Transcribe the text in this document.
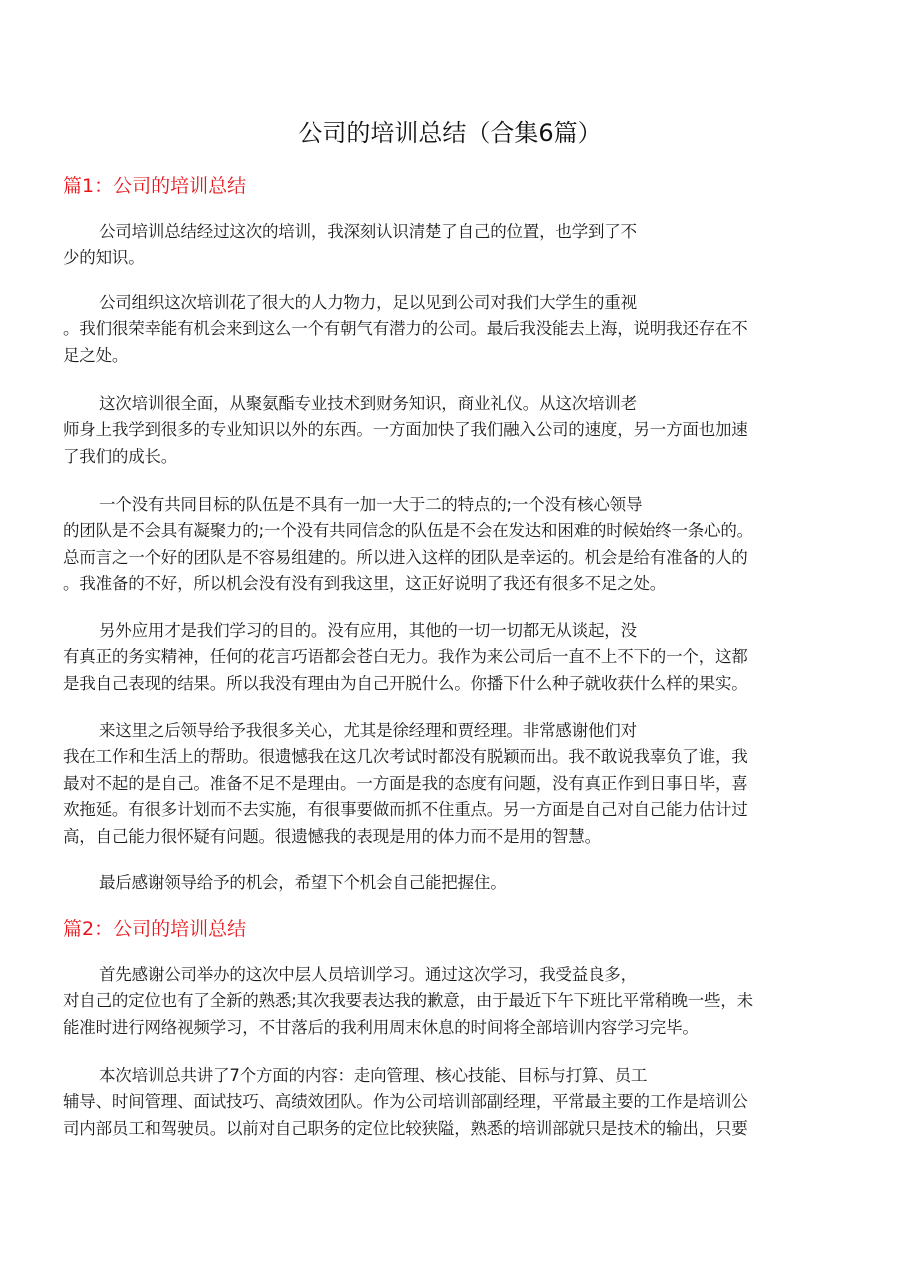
公司的培训总结（合集6篇）
篇1：公司的培训总结
公司培训总结经过这次的培训，我深刻认识清楚了自己的位置，也学到了不
少的知识。
公司组织这次培训花了很大的人力物力，足以见到公司对我们大学生的重视
。我们很荣幸能有机会来到这么一个有朝气有潜力的公司。最后我没能去上海，说明我还存在不
足之处。
这次培训很全面，从聚氨酯专业技术到财务知识，商业礼仪。从这次培训老
师身上我学到很多的专业知识以外的东西。一方面加快了我们融入公司的速度，另一方面也加速
了我们的成长。
一个没有共同目标的队伍是不具有一加一大于二的特点的;一个没有核心领导
的团队是不会具有凝聚力的;一个没有共同信念的队伍是不会在发达和困难的时候始终一条心的。
总而言之一个好的团队是不容易组建的。所以进入这样的团队是幸运的。机会是给有准备的人的
。我准备的不好，所以机会没有没有到我这里，这正好说明了我还有很多不足之处。
另外应用才是我们学习的目的。没有应用，其他的一切一切都无从谈起，没
有真正的务实精神，任何的花言巧语都会苍白无力。我作为来公司后一直不上不下的一个，这都
是我自己表现的结果。所以我没有理由为自己开脱什么。你播下什么种子就收获什么样的果实。
来这里之后领导给予我很多关心，尤其是徐经理和贾经理。非常感谢他们对
我在工作和生活上的帮助。很遗憾我在这几次考试时都没有脱颖而出。我不敢说我辜负了谁，我
最对不起的是自己。准备不足不是理由。一方面是我的态度有问题，没有真正作到日事日毕，喜
欢拖延。有很多计划而不去实施，有很事要做而抓不住重点。另一方面是自己对自己能力估计过
高，自己能力很怀疑有问题。很遗憾我的表现是用的体力而不是用的智慧。
最后感谢领导给予的机会，希望下个机会自己能把握住。
篇2：公司的培训总结
首先感谢公司举办的这次中层人员培训学习。通过这次学习，我受益良多，
对自己的定位也有了全新的熟悉;其次我要表达我的歉意，由于最近下午下班比平常稍晚一些，未
能准时进行网络视频学习，不甘落后的我利用周末休息的时间将全部培训内容学习完毕。
本次培训总共讲了7个方面的内容：走向管理、核心技能、目标与打算、员工
辅导、时间管理、面试技巧、高绩效团队。作为公司培训部副经理，平常最主要的工作是培训公
司内部员工和驾驶员。以前对自己职务的定位比较狭隘，熟悉的培训部就只是技术的输出，只要
